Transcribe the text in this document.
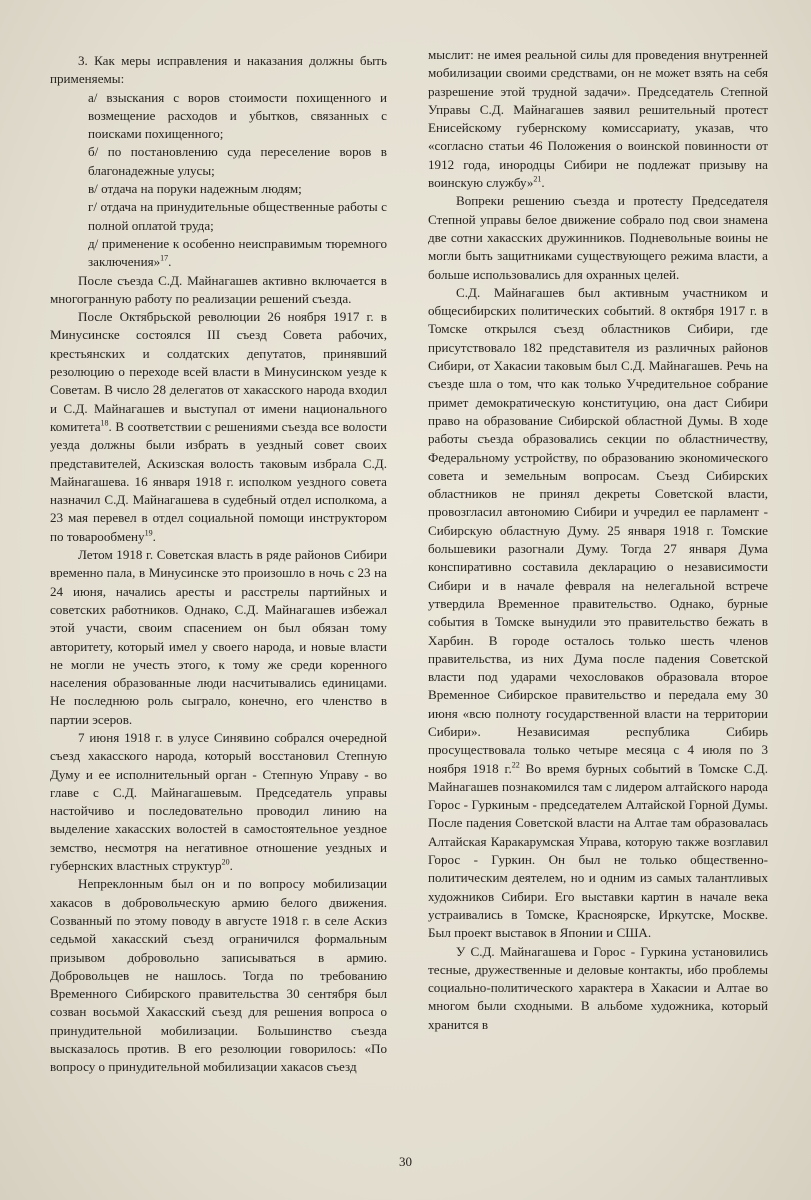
3. Как меры исправления и наказания должны быть применяемы:

а/ взыскания с воров стоимости похищенного и возмещение расходов и убытков, связанных с поисками похищенного;

б/ по постановлению суда переселение воров в благонадежные улусы;

в/ отдача на поруки надежным людям;

г/ отдача на принудительные общественные работы с полной оплатой труда;

д/ применение к особенно неисправимым тюремного заключения»$^{17}$.

После съезда С.Д. Майнагашев активно включается в многогранную работу по реализации решений съезда.

После Октябрьской революции 26 ноября 1917 г. в Минусинске состоялся III съезд Совета рабочих, крестьянских и солдатских депутатов, принявший резолюцию о переходе всей власти в Минусинском уезде к Советам. В число 28 делегатов от хакасского народа входил и С.Д. Майнагашев и выступал от имени национального комитета$^{18}$. В соответствии с решениями съезда все волости уезда должны были избрать в уездный совет своих представителей, Аскизская волость таковым избрала С.Д. Майнагашева. 16 января 1918 г. исполком уездного совета назначил С.Д. Майнагашева в судебный отдел исполкома, а 23 мая перевел в отдел социальной помощи инструктором по товарообмену$^{19}$.

Летом 1918 г. Советская власть в ряде районов Сибири временно пала, в Минусинске это произошло в ночь с 23 на 24 июня, начались аресты и расстрелы партийных и советских работников. Однако, С.Д. Майнагашев избежал этой участи, своим спасением он был обязан тому авторитету, который имел у своего народа, и новые власти не могли не учесть этого, к тому же среди коренного населения образованные люди насчитывались единицами. Не последнюю роль сыграло, конечно, его членство в партии эсеров.

7 июня 1918 г. в улусе Синявино собрался очередной съезд хакасского народа, который восстановил Степную Думу и ее исполнительный орган - Степную Управу - во главе с С.Д. Майнагашевым. Председатель управы настойчиво и последовательно проводил линию на выделение хакасских волостей в самостоятельное уездное земство, несмотря на негативное отношение уездных и губернских властных структур$^{20}$.

Непреклонным был он и по вопросу мобилизации хакасов в добровольческую армию белого движения. Созванный по этому поводу в августе 1918 г. в селе Аскиз седьмой хакасский съезд ограничился формальным призывом добровольно записываться в армию. Добровольцев не нашлось. Тогда по требованию Временного Сибирского правительства 30 сентября был созван восьмой Хакасский съезд для решения вопроса о принудительной мобилизации. Большинство съезда высказалось против. В его резолюции говорилось: «По вопросу о принудительной мобилизации хакасов съезд

мыслит: не имея реальной силы для проведения внутренней мобилизации своими средствами, он не может взять на себя разрешение этой трудной задачи». Председатель Степной Управы С.Д. Майнагашев заявил решительный протест Енисейскому губернскому комиссариату, указав, что «согласно статьи 46 Положения о воинской повинности от 1912 года, инородцы Сибири не подлежат призыву на воинскую службу»$^{21}$.

Вопреки решению съезда и протесту Председателя Степной управы белое движение собрало под свои знамена две сотни хакасских дружинников. Подневольные воины не могли быть защитниками существующего режима власти, а больше использовались для охранных целей.

С.Д. Майнагашев был активным участником и общесибирских политических событий. 8 октября 1917 г. в Томске открылся съезд областников Сибири, где присутствовало 182 представителя из различных районов Сибири, от Хакасии таковым был С.Д. Майнагашев. Речь на съезде шла о том, что как только Учредительное собрание примет демократическую конституцию, она даст Сибири право на образование Сибирской областной Думы. В ходе работы съезда образовались секции по областничеству, Федеральному устройству, по образованию экономического совета и земельным вопросам. Съезд Сибирских областников не принял декреты Советской власти, провозгласил автономию Сибири и учредил ее парламент - Сибирскую областную Думу. 25 января 1918 г. Томские большевики разогнали Думу. Тогда 27 января Дума конспиративно составила декларацию о независимости Сибири и в начале февраля на нелегальной встрече утвердила Временное правительство. Однако, бурные события в Томске вынудили это правительство бежать в Харбин. В городе осталось только шесть членов правительства, из них Дума после падения Советской власти под ударами чехословаков образовала второе Временное Сибирское правительство и передала ему 30 июня «всю полноту государственной власти на территории Сибири». Независимая республика Сибирь просуществовала только четыре месяца с 4 июля по 3 ноября 1918 г.$^{22}$ Во время бурных событий в Томске С.Д. Майнагашев познакомился там с лидером алтайского народа Горос - Гуркиным - председателем Алтайской Горной Думы. После падения Советской власти на Алтае там образовалась Алтайская Каракарумская Управа, которую также возглавил Горос - Гуркин. Он был не только общественно-политическим деятелем, но и одним из самых талантливых художников Сибири. Его выставки картин в начале века устраивались в Томске, Красноярске, Иркутске, Москве. Был проект выставок в Японии и США.

У С.Д. Майнагашева и Горос - Гуркина установились тесные, дружественные и деловые контакты, ибо проблемы социально-политического характера в Хакасии и Алтае во многом были сходными. В альбоме художника, который хранится в

30
